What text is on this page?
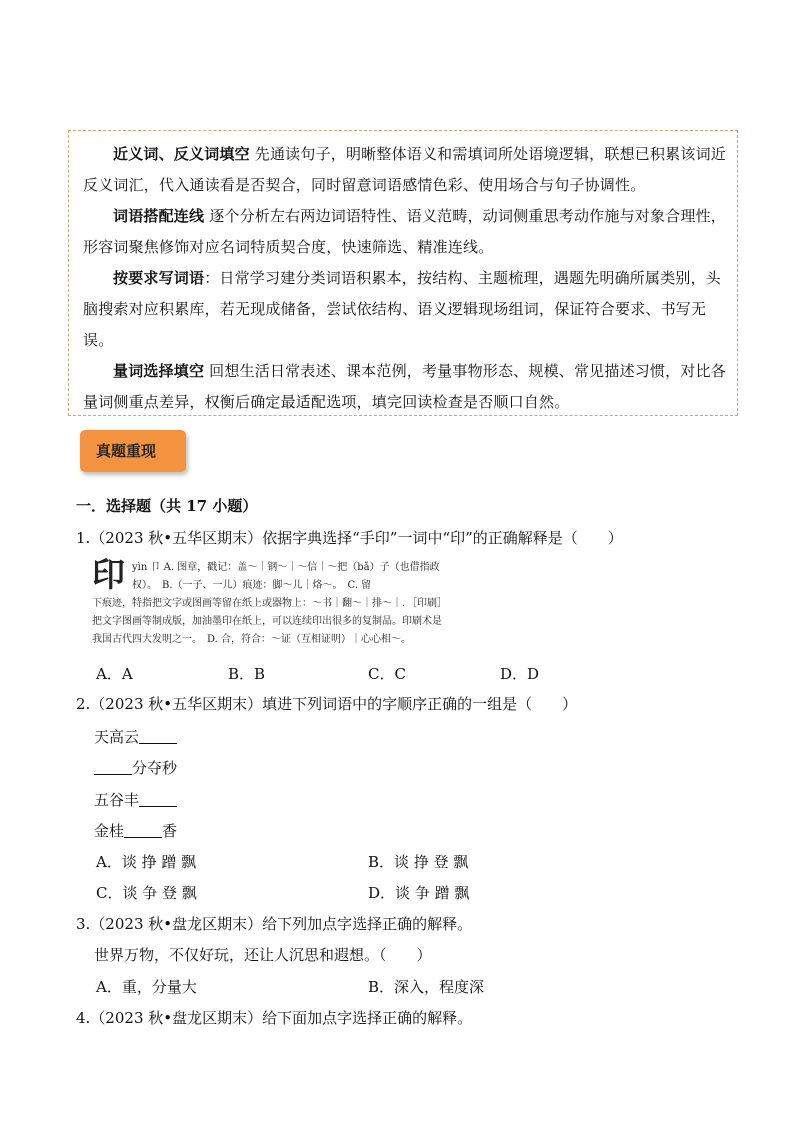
近义词、反义词填空 先通读句子，明晰整体语义和需填词所处语境逻辑，联想已积累该词近反义词汇，代入通读看是否契合，同时留意词语感情色彩、使用场合与句子协调性。

词语搭配连线 逐个分析左右两边词语特性、语义范畴，动词侧重思考动作施与对象合理性，形容词聚焦修饰对应名词特质契合度，快速筛选、精准连线。

按要求写词语：日常学习建分类词语积累本，按结构、主题梳理，遇题先明确所属类别，头脑搜索对应积累库，若无现成储备，尝试依结构、语义逻辑现场组词，保证符合要求、书写无误。

量词选择填空 回想生活日常表述、课本范例，考量事物形态、规模、常见描述习惯，对比各量词侧重点差异，权衡后确定最适配选项，填完回读检查是否顺口自然。

真题重现
一．选择题（共 17 小题）
1.（2023 秋•五华区期末）依据字典选择“手印”一词中“印”的正确解释是（　　）
印 yìn 卩 A. 图章，戳记：盖～｜钢～｜～信｜～把（bǎ）子（也借指政权）。　B.（一子、一儿）痕迹：脚～儿｜烙～。　C. 留
下痕迹，特指把文字或图画等留在纸上或器物上：～书｜翻～｜排～｜．［印刷］把文字图画等制成版，加油墨印在纸上，可以连续印出很多的复制品。印刷术是我国古代四大发明之一。　D. 合，符合：～证（互相证明）｜心心相～。
A．A	B．B	C．C	D．D
2.（2023 秋•五华区期末）填进下列词语中的字顺序正确的一组是（　　）
天高云
分夺秒
五谷丰
金桂	香
A．谈 挣 蹭 飘	B．谈 挣 登 飘
C．谈 争 登 飘	D．谈 争 蹭 飘
3.（2023 秋•盘龙区期末）给下列加点字选择正确的解释。
世界万物，不仅好玩，还让人沉思和遐想。（　　）
A．重，分量大	B．深入，程度深
4.（2023 秋•盘龙区期末）给下面加点字选择正确的解释。
